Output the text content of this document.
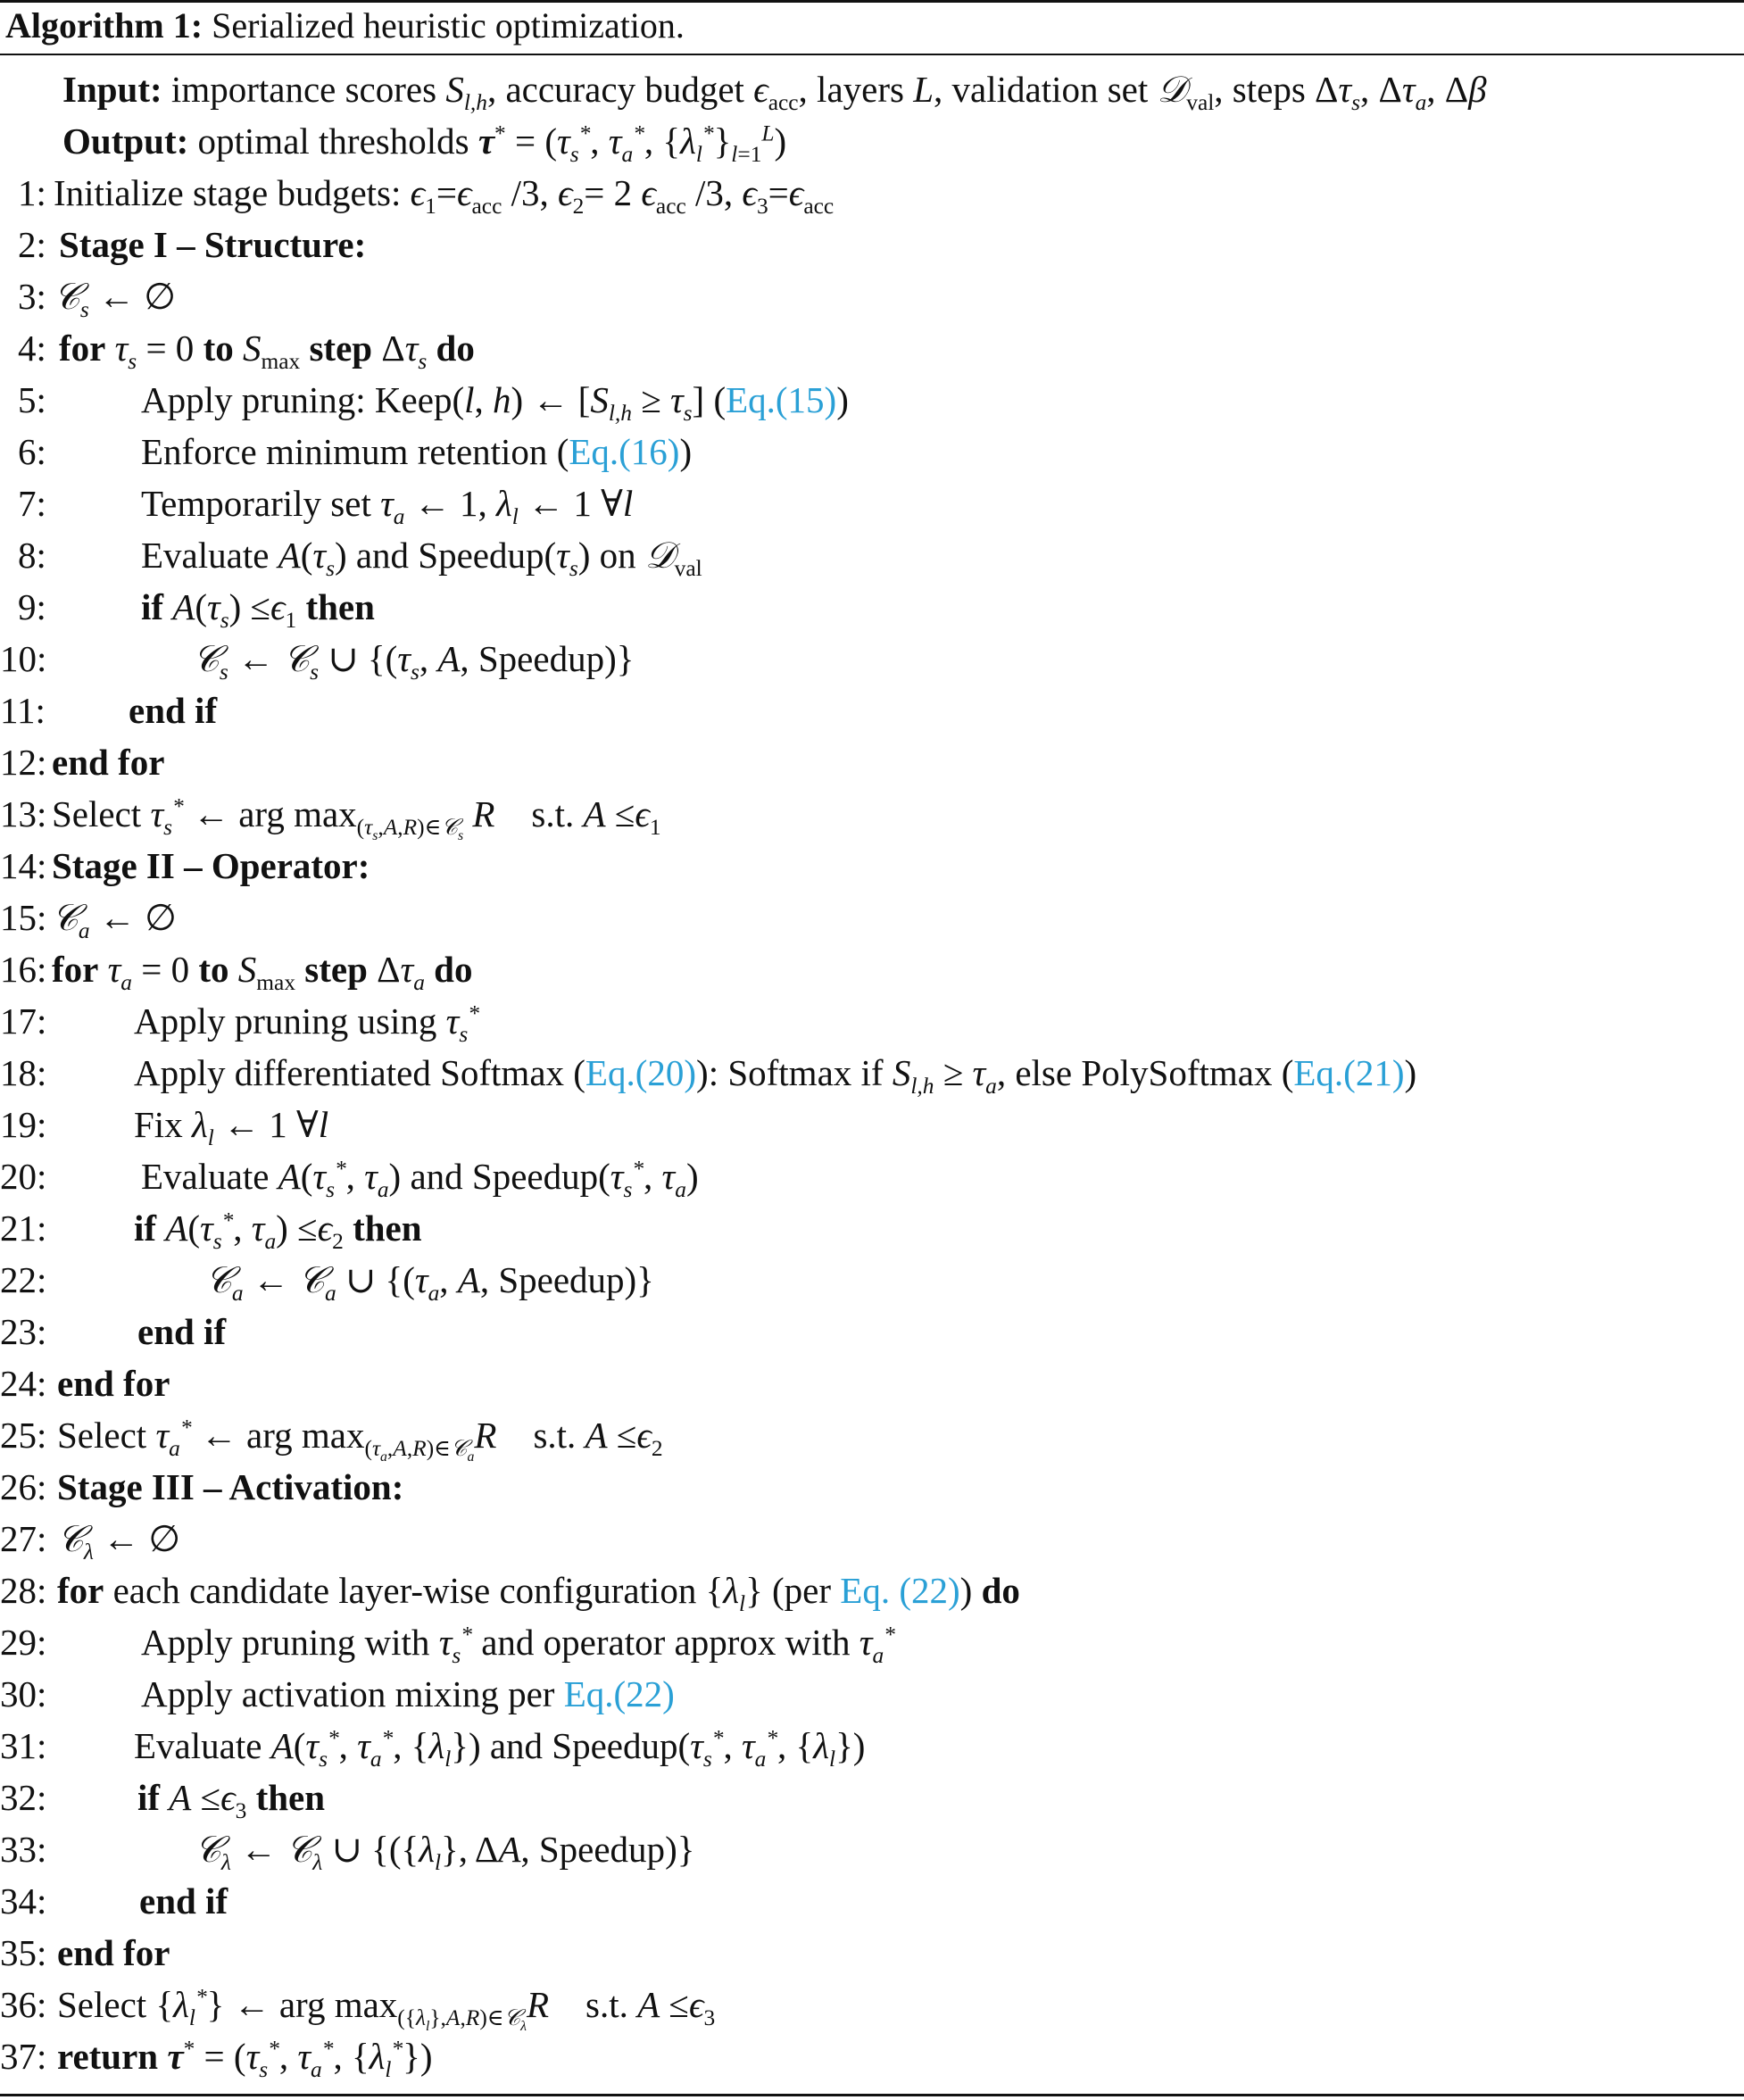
Algorithm 1: Serialized heuristic optimization.
Input: importance scores $S_{l,h}$, accuracy budget $\epsilon_{acc}$, layers L, validation set 𝒟$_{val}$, steps $\Delta\tau_s$, $\Delta\tau_a$, Δβ
Output: optimal thresholds $\tau^* = (\tau_s^*$, $\tau_a^*$, $\{\lambda_l^*\}_{l=1}^L$)
1: Initialize stage budgets: $\epsilon_1=\epsilon_{acc}$ /3, $\epsilon_2= 2$ $\epsilon_{acc}$ /3, $\epsilon_3=\epsilon_{acc}$
2: Stage I – Structure:
3: 𝒞$_s$ ← ∅
4: for $\tau_s = 0$ to $S_{max}$ step $\Delta\tau_s$ do
5:	Apply pruning: Keep(l, h) ← $[S_{l,h} \ge \tau_s]$ (Eq.(15))
6:	Enforce minimum retention (Eq.(16))
7:	Temporarily set $\tau_a$ ← 1, $\lambda_l$ ← 1 ∀l
8:	Evaluate $A(\tau_s)$ and $Speedup(\tau_s)$ on 𝒟$_{val}$
9:	if $A(\tau_s) \le\epsilon_1$ then
10:	𝒞$_s$ ← 𝒞$_s$ ∪ {($\tau_s$, A, Speedup)}
11: end if
12: end for
13: Select $\tau_s^*$ ← arg $\max_{(\tau_s,A,R)\in 𝒞_s} R$ s.t. $A \le\epsilon_1$
14: Stage II – Operator:
15: 𝒞$_a$ ← ∅
16: for $\tau_a = 0$ to $S_{max}$ step $\Delta\tau_a$ do
17: Apply pruning using $\tau_s^*$
18: Apply differentiated Softmax (Eq.(20)): Softmax if $S_{l,h} \ge \tau_a$, else PolySoftmax (Eq.(21))
19: Fix $\lambda_l$ ← 1 ∀l
20:	Evaluate $A(\tau_s^*$, $\tau_a$) and $Speedup(\tau_s^*$, $\tau_a$)
21: if $A(\tau_s^*$, $\tau_a) \le\epsilon_2$ then
22:	𝒞$_a$ ← 𝒞$_a$ ∪ {($\tau_a$, A, Speedup)}
23: end if
24: end for
25: Select $\tau_a^*$ ← arg $\max_{(\tau_a,A,R)\in 𝒞_a}R$ s.t. $A \le\epsilon_2$
26: Stage III – Activation:
27: 𝒞$_\lambda$ ← ∅
28: for each candidate layer-wise configuration $\{\lambda_l\}$ (per Eq. (22)) do
29:	Apply pruning with $\tau_s^*$ and operator approx with $\tau_a^*$
30:	Apply activation mixing per Eq.(22)
31: Evaluate $A(\tau_s^*$, $\tau_a^*$, $\{\lambda_l\}$) and $Speedup(\tau_s^*$, $\tau_a^*$, $\{\lambda_l\}$)
32: if $A \le\epsilon_3$ then
33:	𝒞$_\lambda$ ← 𝒞$_\lambda$ ∪ {($\{\lambda_l\}$, ΔA, Speedup)}
34:	end if
35: end for
36: Select $\{\lambda_l^*\}$ ← arg $\max_{(\{\lambda_l\},A,R)\in 𝒞_\lambda}R$ s.t. $A \le\epsilon_3$
37: return $\tau^* = (\tau_s^*$, $\tau_a^*$, $\{\lambda_l^*\}$)
